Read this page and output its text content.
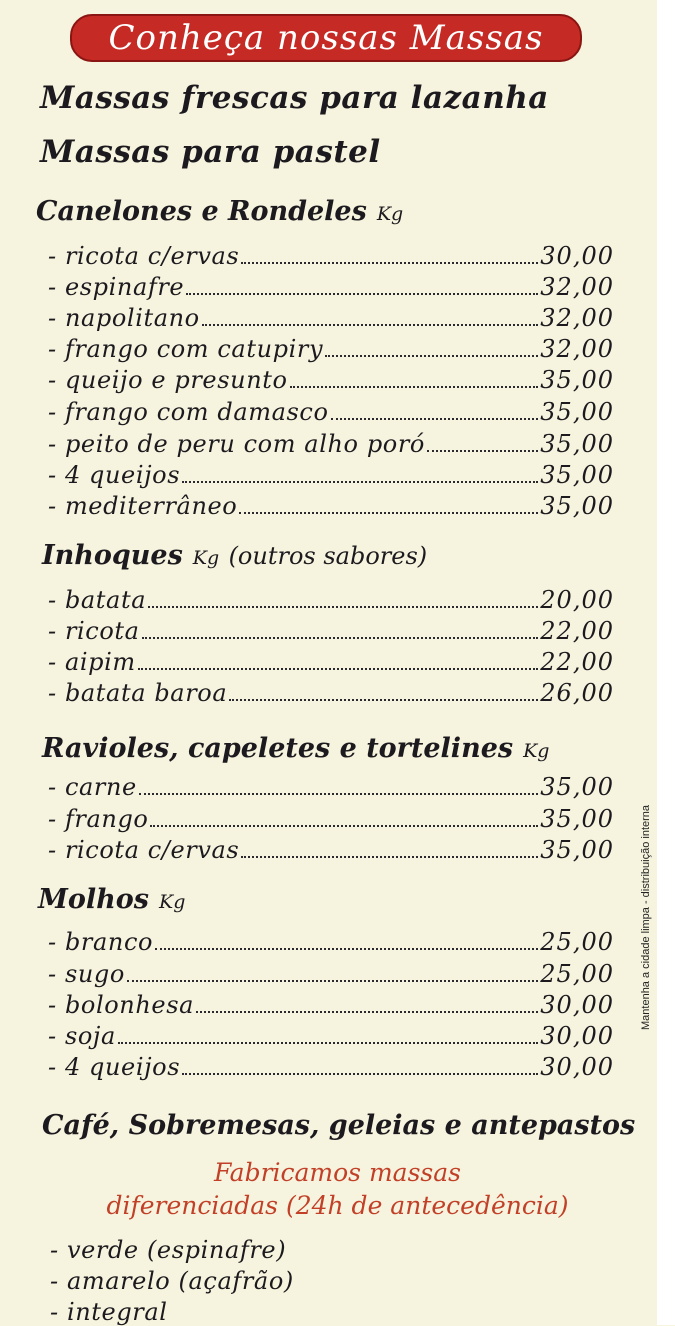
Conheça nossas Massas
Massas frescas para lazanha
Massas para pastel
Canelones e Rondeles Kg
Inhoques Kg (outros sabores)
Ravioles, capeletes e tortelines Kg
Molhos Kg
Café, Sobremesas, geleias e antepastos
Fabricamos massas
diferenciadas (24h de antecedência)
- verde (espinafre)
- amarelo (açafrão)
- integral
Mantenha a cidade limpa - distribuição interna
- ricota c/ervas	30,00
- espinafre	32,00
- napolitano	32,00
- frango com catupiry	32,00
- queijo e presunto	35,00
- frango com damasco	35,00
- peito de peru com alho poró	35,00
- 4 queijos	35,00
- mediterrâneo	35,00
- batata	20,00
- ricota	22,00
- aipim	22,00
- batata baroa	26,00
- carne	35,00
- frango	35,00
- ricota c/ervas	35,00
- branco	25,00
- sugo	25,00
- bolonhesa	30,00
- soja	30,00
- 4 queijos	30,00
